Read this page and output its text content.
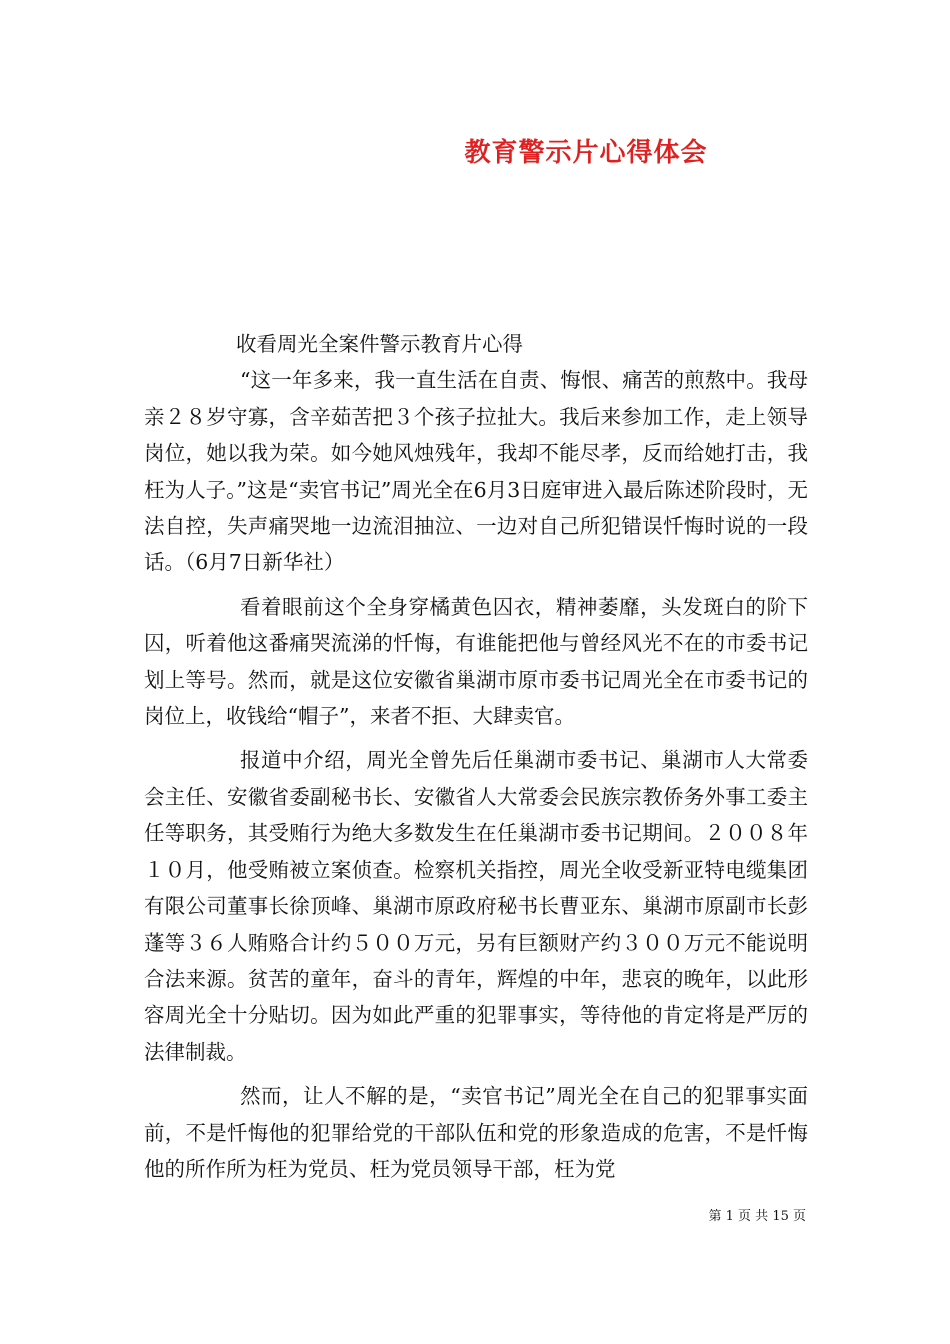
教育警示片心得体会

收看周光全案件警示教育片心得

“这一年多来，我一直生活在自责、悔恨、痛苦的煎熬中。我母亲２８岁守寡，含辛茹苦把３个孩子拉扯大。我后来参加工作，走上领导岗位，她以我为荣。如今她风烛残年，我却不能尽孝，反而给她打击，我枉为人子。”这是“卖官书记”周光全在6月3日庭审进入最后陈述阶段时，无法自控，失声痛哭地一边流泪抽泣、一边对自己所犯错误忏悔时说的一段话。（6月7日新华社）

看着眼前这个全身穿橘黄色囚衣，精神萎靡，头发斑白的阶下囚，听着他这番痛哭流涕的忏悔，有谁能把他与曾经风光不在的市委书记划上等号。然而，就是这位安徽省巢湖市原市委书记周光全在市委书记的岗位上，收钱给“帽子”，来者不拒、大肆卖官。

报道中介绍，周光全曾先后任巢湖市委书记、巢湖市人大常委会主任、安徽省委副秘书长、安徽省人大常委会民族宗教侨务外事工委主任等职务，其受贿行为绝大多数发生在任巢湖市委书记期间。２００８年１０月，他受贿被立案侦查。检察机关指控，周光全收受新亚特电缆集团有限公司董事长徐顶峰、巢湖市原政府秘书长曹亚东、巢湖市原副市长彭蓬等３６人贿赂合计约５００万元，另有巨额财产约３００万元不能说明合法来源。贫苦的童年，奋斗的青年，辉煌的中年，悲哀的晚年，以此形容周光全十分贴切。因为如此严重的犯罪事实，等待他的肯定将是严厉的法律制裁。

然而，让人不解的是，“卖官书记”周光全在自己的犯罪事实面前，不是忏悔他的犯罪给党的干部队伍和党的形象造成的危害，不是忏悔他的所作所为枉为党员、枉为党员领导干部，枉为党

第 1 页 共 15 页
